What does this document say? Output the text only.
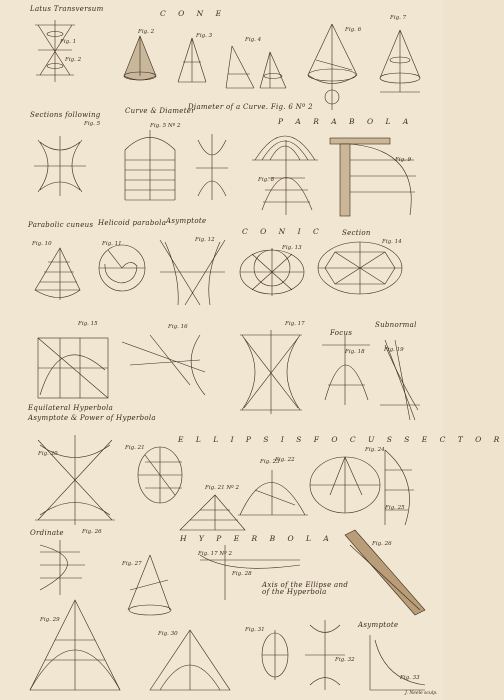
Latus Transversum	C O N E
Sections following	Curve & Diameter
Diameter of a Curve. Fig. 6 Nº 2
P A R A B O L A
Parabolic cuneus Helicoid parabola Asymptote
C O N I C	Section
Focus
Subnormal
Equilateral Hyperbola
Asymptote & Power of Hyperbola
E L L I P S I S F O C U S S E C T O R
Ordinate
H Y P E R B O L A
Axis of the Ellipse and of the Hyperbola
Asymptote
J. Neele sculp.
Fig. 1
Fig. 2
Fig. 2
Fig. 3
Fig. 4
Fig. 6
Fig. 7
Fig. 5	Fig. 5 Nº 2
Fig. 8
Fig. 9
Fig. 10	Fig. 11
Fig. 12
Fig. 13
Fig. 14
Fig. 15	Fig. 16	Fig. 17
Fig. 18	Fig. 19
Fig. 20
Fig. 21
Fig. 21 Nº 2
Fig. 22
Fig. 23
Fig. 24
Fig. 25
Fig. 26
Fig. 27
Fig. 17 Nº 2
Fig. 28
Fig. 26
Fig. 29
Fig. 30
Fig. 31
Fig. 32
Fig. 33
